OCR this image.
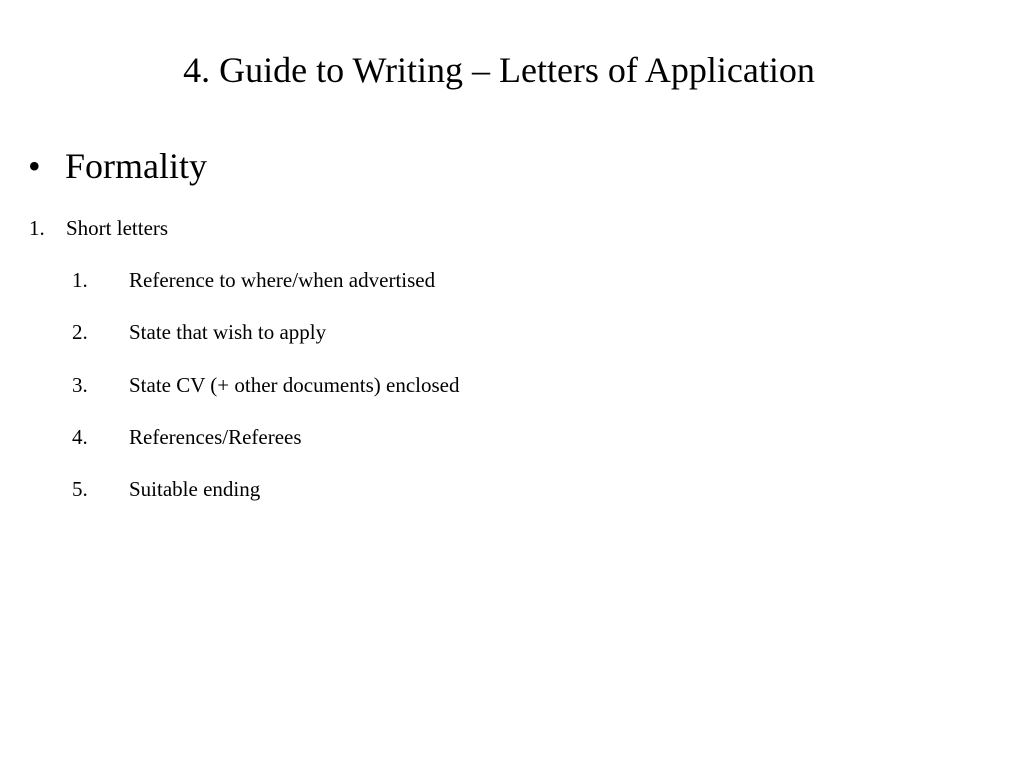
4. Guide to Writing – Letters of Application
• Formality
1. Short letters
1. Reference to where/when advertised
2. State that wish to apply
3. State CV (+ other documents) enclosed
4. References/Referees
5. Suitable ending
